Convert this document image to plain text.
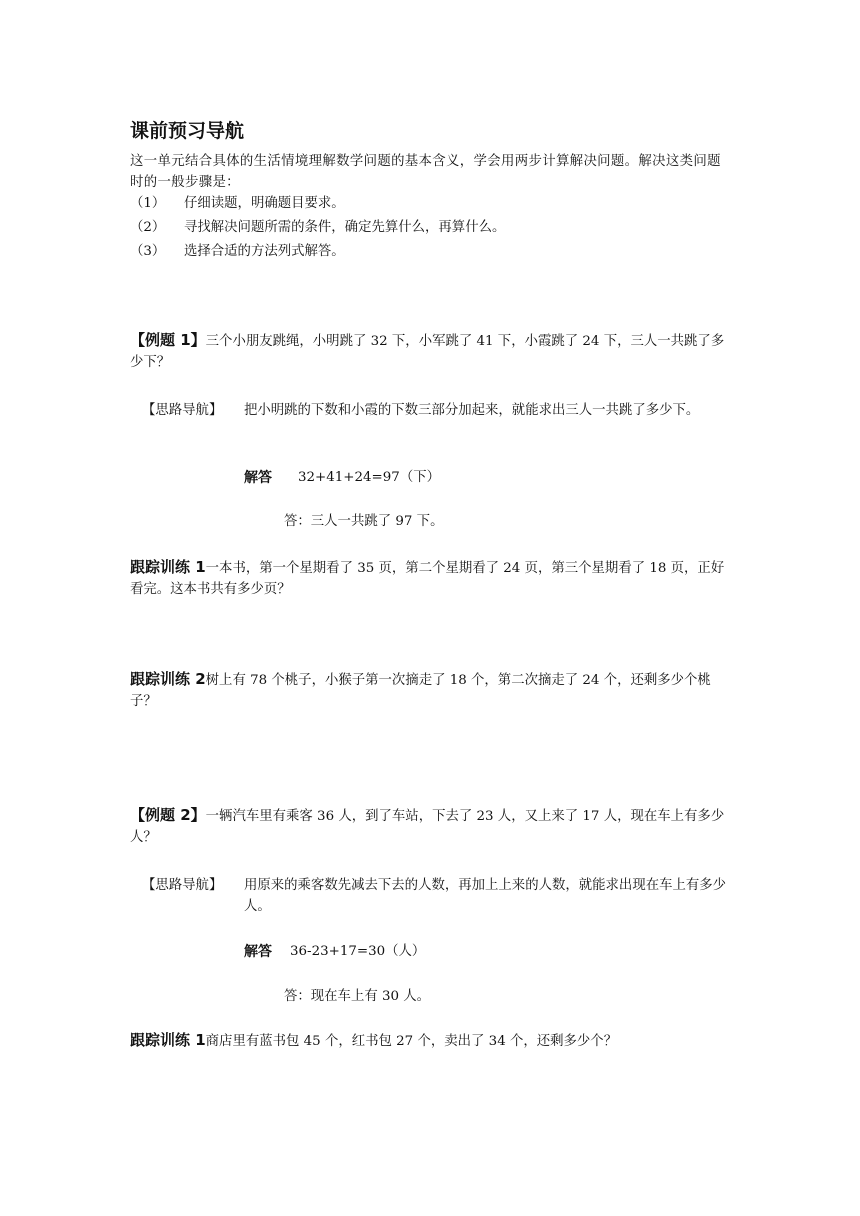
课前预习导航
这一单元结合具体的生活情境理解数学问题的基本含义，学会用两步计算解决问题。解决这类问题时的一般步骤是：
（1） 仔细读题，明确题目要求。
（2） 寻找解决问题所需的条件，确定先算什么，再算什么。
（3） 选择合适的方法列式解答。
【例题 1】三个小朋友跳绳，小明跳了 32 下，小军跳了 41 下，小霞跳了 24 下，三人一共跳了多少下？
【思路导航】 把小明跳的下数和小霞的下数三部分加起来，就能求出三人一共跳了多少下。
解答 32+41+24=97（下）
答：三人一共跳了 97 下。
跟踪训练 1一本书，第一个星期看了 35 页，第二个星期看了 24 页，第三个星期看了 18 页，正好看完。这本书共有多少页？
跟踪训练 2树上有 78 个桃子，小猴子第一次摘走了 18 个，第二次摘走了 24 个，还剩多少个桃子？
【例题 2】一辆汽车里有乘客 36 人，到了车站，下去了 23 人，又上来了 17 人，现在车上有多少人？
【思路导航】 用原来的乘客数先减去下去的人数，再加上上来的人数，就能求出现在车上有多少人。
解答 36-23+17=30（人）
答：现在车上有 30 人。
跟踪训练 1商店里有蓝书包 45 个，红书包 27 个，卖出了 34 个，还剩多少个？
